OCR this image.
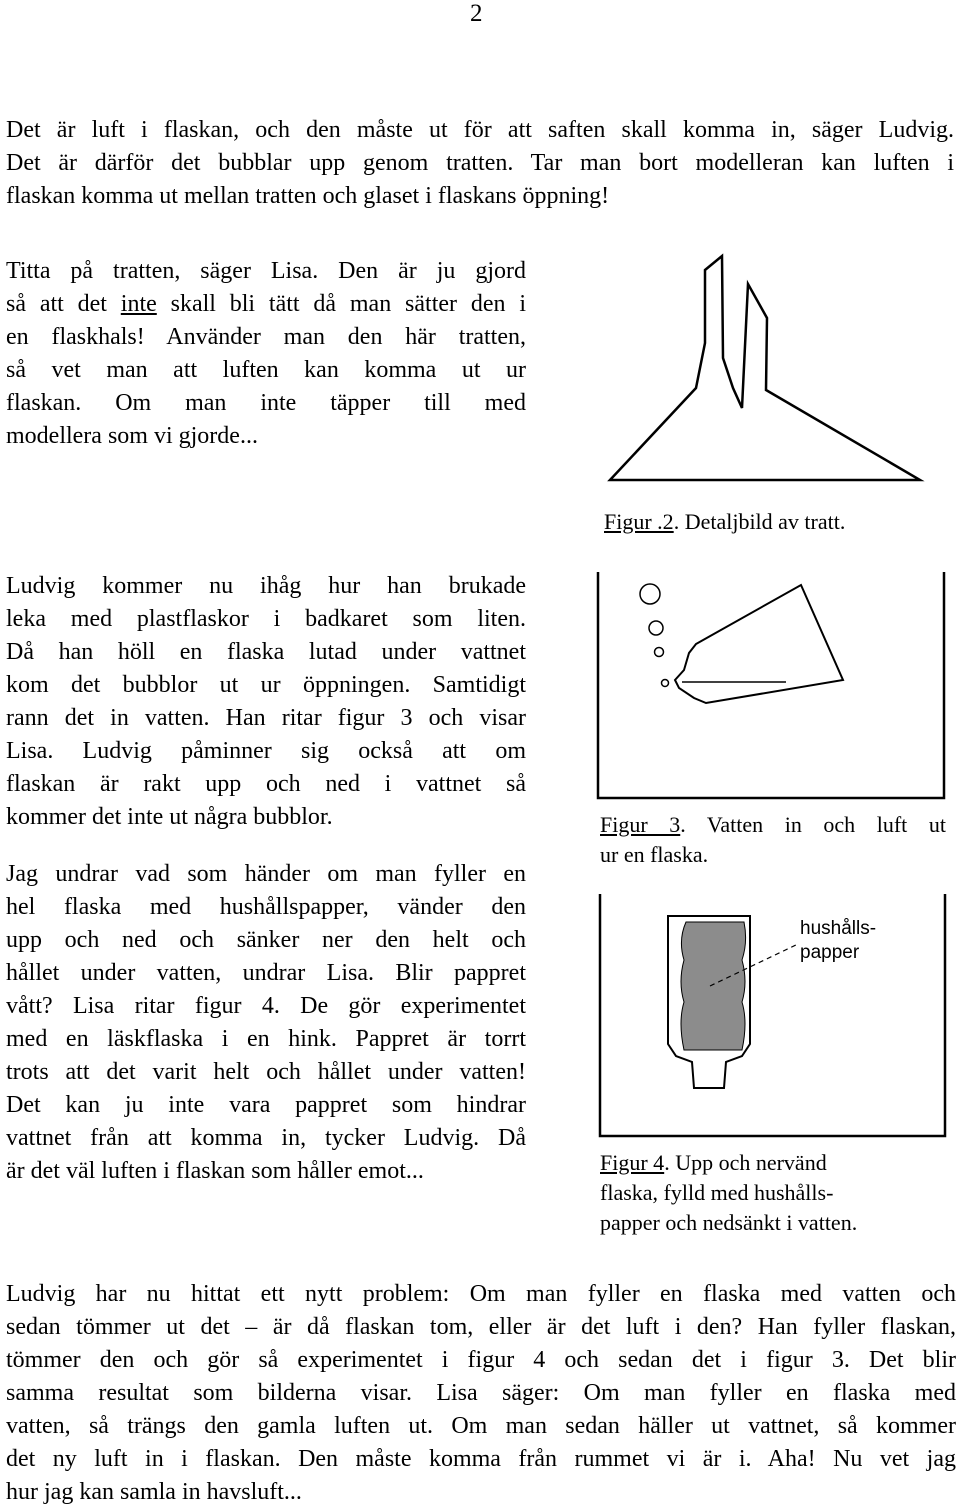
2
Det är luft i flaskan, och den måste ut för att saften skall komma in, säger Ludvig.
Det är därför det bubblar upp genom tratten. Tar man bort modelleran kan luften i
flaskan komma ut mellan tratten och glaset i flaskans öppning!
Titta på tratten, säger Lisa. Den är ju gjord
så att det inte skall bli tätt då man sätter den i
en flaskhals! Använder man den här tratten,
så vet man att luften kan komma ut ur
flaskan. Om man inte täpper till med
modellera som vi gjorde...
Figur .2. Detaljbild av tratt.
Ludvig kommer nu ihåg hur han brukade
leka med plastflaskor i badkaret som liten.
Då han höll en flaska lutad under vattnet
kom det bubblor ut ur öppningen. Samtidigt
rann det in vatten. Han ritar figur 3 och visar
Lisa. Ludvig påminner sig också att om
flaskan är rakt upp och ned i vattnet så
kommer det inte ut några bubblor.	Figur 3. Vatten in och luft ut
ur en flaska.
Jag undrar vad som händer om man fyller en
hel flaska med hushållspapper, vänder den
upp och ned och sänker ner den helt och
hållet under vatten, undrar Lisa. Blir pappret
vått? Lisa ritar figur 4. De gör experimentet
med en läskflaska i en hink. Pappret är torrt
trots att det varit helt och hållet under vatten!
Det kan ju inte vara pappret som hindrar
vattnet från att komma in, tycker Ludvig. Då
är det väl luften i flaskan som håller emot...
hushålls-
papper
Figur 4. Upp och nervänd
flaska, fylld med hushålls-
papper och nedsänkt i vatten.
Ludvig har nu hittat ett nytt problem: Om man fyller en flaska med vatten och
sedan tömmer ut det – är då flaskan tom, eller är det luft i den? Han fyller flaskan,
tömmer den och gör så experimentet i figur 4 och sedan det i figur 3. Det blir
samma resultat som bilderna visar. Lisa säger: Om man fyller en flaska med
vatten, så trängs den gamla luften ut. Om man sedan häller ut vattnet, så kommer
det ny luft in i flaskan. Den måste komma från rummet vi är i. Aha! Nu vet jag
hur jag kan samla in havsluft...
